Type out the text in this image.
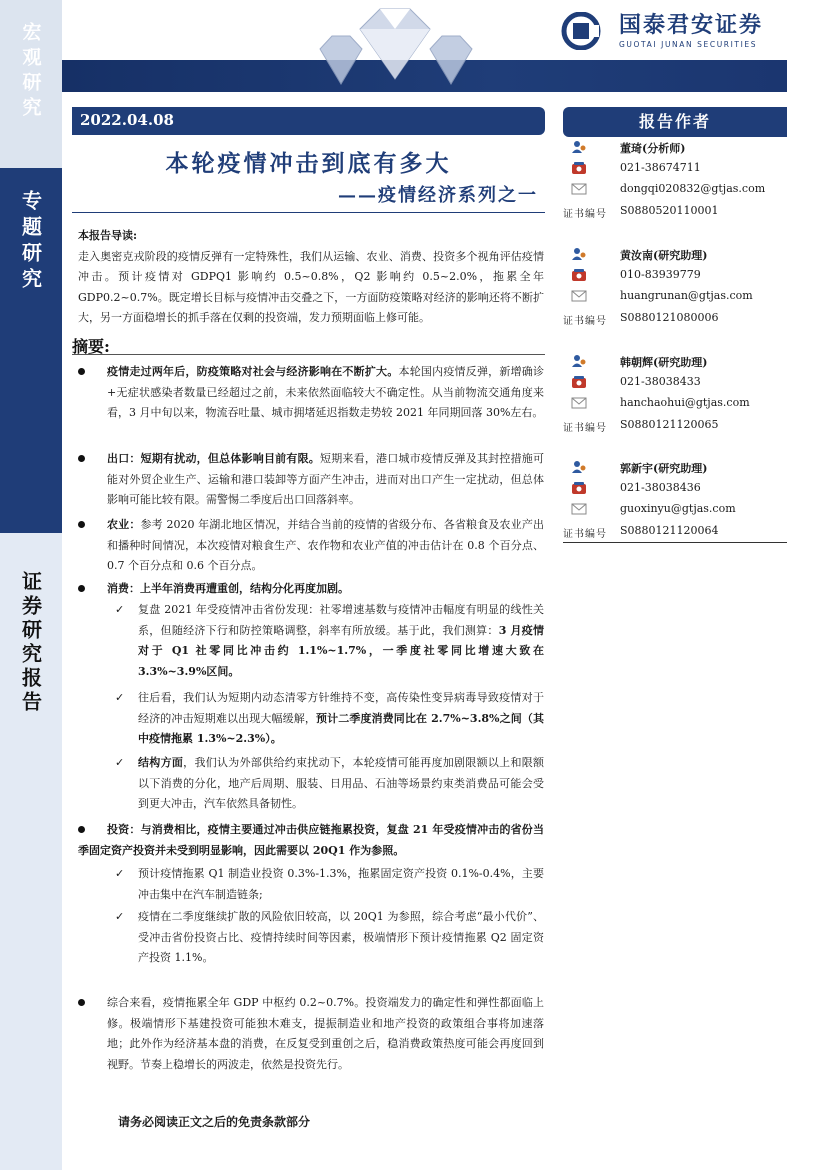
宏观研究
专题研究
证券研究报告
国泰君安证券
GUOTAI JUNAN SECURITIES
2022.04.08	报告作者
本轮疫情冲击到底有多大
——疫情经济系列之一
本报告导读:
走入奥密克戎阶段的疫情反弹有一定特殊性，我们从运输、农业、消费、投资多个视角评估疫情冲击。预计疫情对 GDPQ1 影响约 0.5~0.8%，Q2 影响约 0.5~2.0%，拖累全年 GDP0.2~0.7%。既定增长目标与疫情冲击交叠之下，一方面防疫策略对经济的影响还将不断扩大，另一方面稳增长的抓手落在仅剩的投资端，发力预期面临上修可能。
摘要:
疫情走过两年后，防疫策略对社会与经济影响在不断扩大。本轮国内疫情反弹，新增确诊+无症状感染者数量已经超过之前，未来依然面临较大不确定性。从当前物流交通角度来看，3 月中旬以来，物流吞吐量、城市拥堵延迟指数走势较 2021 年同期回落 30%左右。
出口：短期有扰动，但总体影响目前有限。短期来看，港口城市疫情反弹及其封控措施可能对外贸企业生产、运输和港口装卸等方面产生冲击，进而对出口产生一定扰动，但总体影响可能比较有限。需警惕二季度后出口回落斜率。
农业：参考 2020 年湖北地区情况，并结合当前的疫情的省级分布、各省粮食及农业产出和播种时间情况，本次疫情对粮食生产、农作物和农业产值的冲击估计在 0.8 个百分点、0.7 个百分点和 0.6 个百分点。
消费：上半年消费再遭重创，结构分化再度加剧。
✓ 复盘 2021 年受疫情冲击省份发现：社零增速基数与疫情冲击幅度有明显的线性关系，但随经济下行和防控策略调整，斜率有所放缓。基于此，我们测算：3 月疫情对于 Q1 社零同比冲击约 1.1%~1.7%，一季度社零同比增速大致在 3.3%~3.9%区间。
✓ 往后看，我们认为短期内动态清零方针维持不变，高传染性变异病毒导致疫情对于经济的冲击短期难以出现大幅缓解，预计二季度消费同比在 2.7%~3.8%之间（其中疫情拖累 1.3%~2.3%）。
✓ 结构方面，我们认为外部供给约束扰动下，本轮疫情可能再度加剧限额以上和限额以下消费的分化，地产后周期、服装、日用品、石油等场景约束类消费品可能会受到更大冲击，汽车依然具备韧性。
投资：与消费相比，疫情主要通过冲击供应链拖累投资，复盘 21 年受疫情冲击的省份当季固定资产投资并未受到明显影响，因此需要以 20Q1 作为参照。
✓ 预计疫情拖累 Q1 制造业投资 0.3%-1.3%，拖累固定资产投资 0.1%-0.4%，主要冲击集中在汽车制造链条;
✓ 疫情在二季度继续扩散的风险依旧较高，以 20Q1 为参照，综合考虑“最小代价”、受冲击省份投资占比、疫情持续时间等因素，极端情形下预计疫情拖累 Q2 固定资产投资 1.1%。
综合来看，疫情拖累全年 GDP 中枢约 0.2~0.7%。投资端发力的确定性和弹性都面临上修。极端情形下基建投资可能独木难支，提振制造业和地产投资的政策组合事将加速落地；此外作为经济基本盘的消费，在反复受到重创之后，稳消费政策热度可能会再度回到视野。节奏上稳增长的两波走，依然是投资先行。
请务必阅读正文之后的免责条款部分
董琦(分析师)
021-38674711
dongqi020832@gtjas.com
证书编号 S0880520110001
黄汝南(研究助理)
010-83939779
huangrunan@gtjas.com
证书编号 S0880121080006
韩朝辉(研究助理)
021-38038433
hanchaohui@gtjas.com
证书编号 S0880121120065
郭新宇(研究助理)
021-38038436
guoxinyu@gtjas.com
证书编号 S0880121120064
